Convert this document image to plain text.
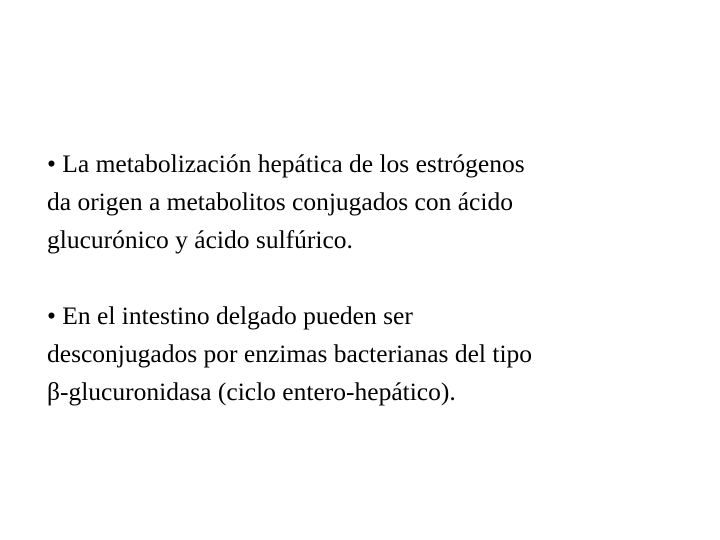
• La metabolización hepática de los estrógenos
da origen a metabolitos conjugados con ácido
glucurónico y ácido sulfúrico.

• En el intestino delgado pueden ser
desconjugados por enzimas bacterianas del tipo
β-glucuronidasa (ciclo entero-hepático).
